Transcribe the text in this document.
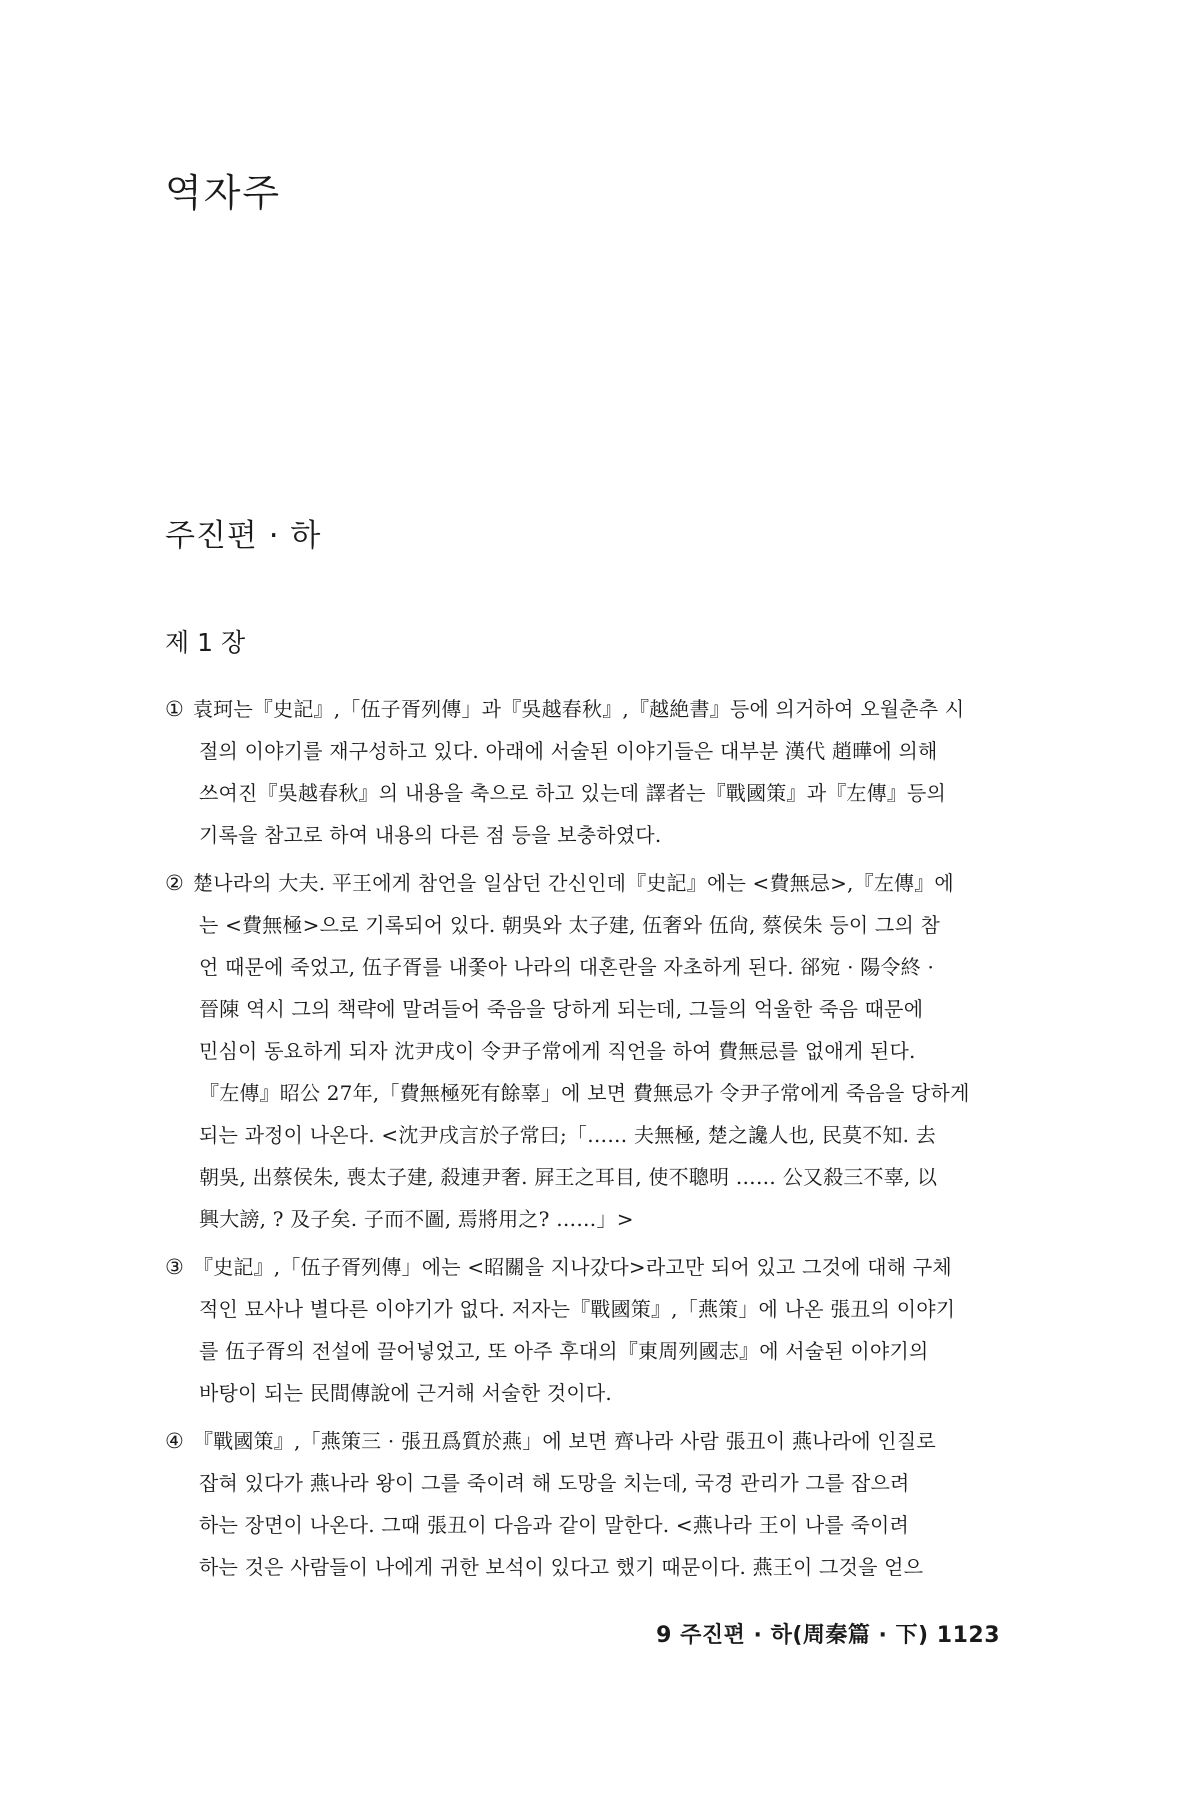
역자주
주진편 · 하
제 1 장
① 袁珂는『史記』,「伍子胥列傳」과『吳越春秋』,『越絶書』등에 의거하여 오월춘추 시
절의 이야기를 재구성하고 있다. 아래에 서술된 이야기들은 대부분 漢代 趙曄에 의해
쓰여진『吳越春秋』의 내용을 축으로 하고 있는데 譯者는『戰國策』과『左傳』등의
기록을 참고로 하여 내용의 다른 점 등을 보충하였다.
② 楚나라의 大夫. 平王에게 참언을 일삼던 간신인데『史記』에는 <費無忌>,『左傳』에
는 <費無極>으로 기록되어 있다. 朝吳와 太子建, 伍奢와 伍尙, 蔡侯朱 등이 그의 참
언 때문에 죽었고, 伍子胥를 내쫓아 나라의 대혼란을 자초하게 된다. 郤宛 · 陽令終 ·
晉陳 역시 그의 책략에 말려들어 죽음을 당하게 되는데, 그들의 억울한 죽음 때문에
민심이 동요하게 되자 沈尹戌이 令尹子常에게 직언을 하여 費無忌를 없애게 된다.
『左傳』昭公 27年,「費無極死有餘辜」에 보면 費無忌가 令尹子常에게 죽음을 당하게
되는 과정이 나온다. <沈尹戌言於子常曰;「…… 夫無極, 楚之讒人也, 民莫不知. 去
朝吳, 出蔡侯朱, 喪太子建, 殺連尹奢. 屛王之耳目, 使不聰明 …… 公又殺三不辜, 以
興大謗, ? 及子矣. 子而不圖, 焉將用之? ……」>
③ 『史記』,「伍子胥列傳」에는 <昭關을 지나갔다>라고만 되어 있고 그것에 대해 구체
적인 묘사나 별다른 이야기가 없다. 저자는『戰國策』,「燕策」에 나온 張丑의 이야기
를 伍子胥의 전설에 끌어넣었고, 또 아주 후대의『東周列國志』에 서술된 이야기의
바탕이 되는 民間傳說에 근거해 서술한 것이다.
④ 『戰國策』,「燕策三 · 張丑爲質於燕」에 보면 齊나라 사람 張丑이 燕나라에 인질로
잡혀 있다가 燕나라 왕이 그를 죽이려 해 도망을 치는데, 국경 관리가 그를 잡으려
하는 장면이 나온다. 그때 張丑이 다음과 같이 말한다. <燕나라 王이 나를 죽이려
하는 것은 사람들이 나에게 귀한 보석이 있다고 했기 때문이다. 燕王이 그것을 얻으
9 주진편 · 하(周秦篇 · 下) 1123
